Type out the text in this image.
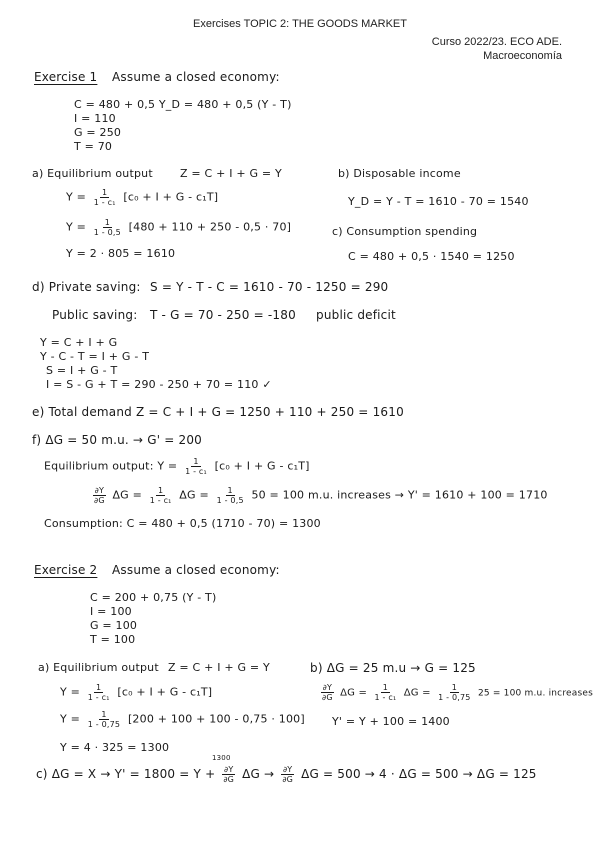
Exercises TOPIC 2: THE GOODS MARKET
Curso 2022/23. ECO ADE.
Macroeconomía
Exercise 1 Assume a closed economy:
C = 480 + 0,5 Y_D = 480 + 0,5 (Y - T)
I = 110
G = 250
T = 70
a) Equilibrium output Z = C + I + G = Y
$Y = \frac{1}{\text{1 - c₁}} [c_0 + I + G - c_1T]$
$Y = \frac{1}{1 - 0,5} [480 + 110 + 250 - 0,5 \cdot 70]$
Y = 2 · 805 = 1610
b) Disposable income
Y_D = Y - T = 1610 - 70 = 1540
c) Consumption spending
C = 480 + 0,5 · 1540 = 1250
d) Private saving: S = Y - T - C = 1610 - 70 - 1250 = 290
Public saving: T - G = 70 - 250 = -180 public deficit
Y = C + I + G
Y - C - T = I + G - T
S = I + G - T
I = S - G + T = 290 - 250 + 70 = 110 ✓
e) Total demand Z = C + I + G = 1250 + 110 + 250 = 1610
f) ΔG = 50 m.u. → G' = 200
Equilibrium output: $Y = \frac{1}{\text{1 - c₁}} [c_0 + I + G - c_1T]$
$\frac{\partial Y}{\partial G}$ $\Delta G = \frac{1}{\text{1 - c₁}}$ $\Delta G = \frac{1}{1 - 0,5} 50 = 100$ m.u. increases → Y' = 1610 + 100 = 1710
Consumption: C = 480 + 0,5 (1710 - 70) = 1300
Exercise 2 Assume a closed economy:
C = 200 + 0,75 (Y - T)
I = 100
G = 100
T = 100
a) Equilibrium output Z = C + I + G = Y
$Y = \frac{1}{\text{1 - c₁}} [c_0 + I + G - c_1T]$
$Y = \frac{1}{1 - 0,75} [200 + 100 + 100 - 0,75 \cdot 100]$
Y = 4 · 325 = 1300
b) ΔG = 25 m.u → G = 125
$\frac{\partial Y}{\partial G}$ $\Delta G = \frac{1}{\text{1 - c₁}}$ $\Delta G = \frac{1}{1 - 0,75} 25 = 100$ m.u. increases
Y' = Y + 100 = 1400
1300
c) $\Delta G = X \to Y' = 1800 = Y + \frac{\partial Y}{\partial G}$ $\Delta G \to \frac{\partial Y}{\partial G}$ ΔG = 500 → 4 · ΔG = 500 → ΔG = 125
